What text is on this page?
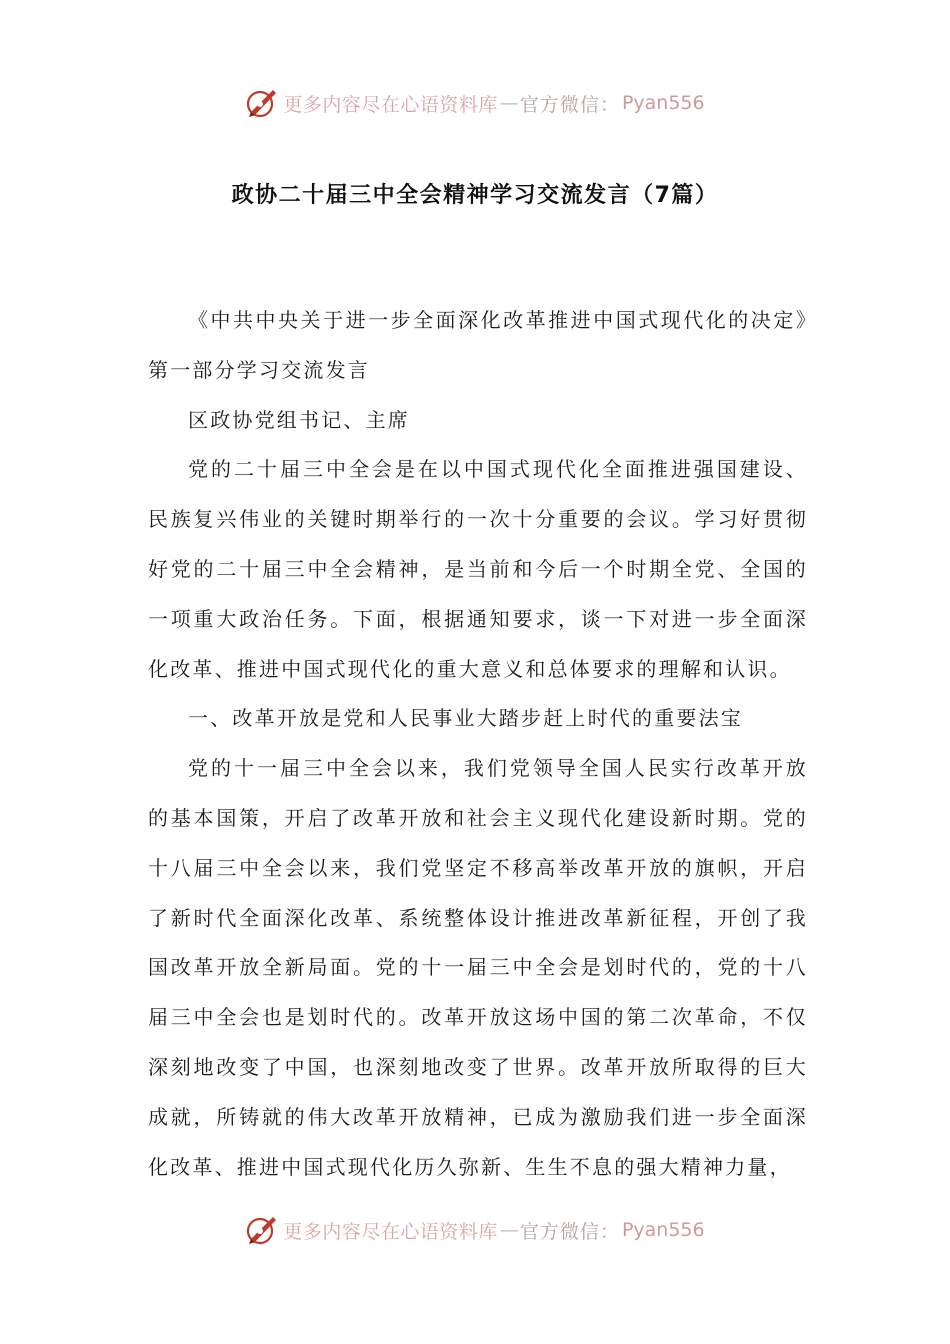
更多内容尽在心语资料库 — 官方微信： Pyan556
政协二十届三中全会精神学习交流发言（7篇）

《中共中央关于进一步全面深化改革推进中国式现代化的决定》第一部分学习交流发言

区政协党组书记、主席

党的二十届三中全会是在以中国式现代化全面推进强国建设、民族复兴伟业的关键时期举行的一次十分重要的会议。学习好贯彻好党的二十届三中全会精神，是当前和今后一个时期全党、全国的一项重大政治任务。下面，根据通知要求，谈一下对进一步全面深化改革、推进中国式现代化的重大意义和总体要求的理解和认识。

一、改革开放是党和人民事业大踏步赶上时代的重要法宝

党的十一届三中全会以来，我们党领导全国人民实行改革开放的基本国策，开启了改革开放和社会主义现代化建设新时期。党的十八届三中全会以来，我们党坚定不移高举改革开放的旗帜，开启了新时代全面深化改革、系统整体设计推进改革新征程，开创了我国改革开放全新局面。党的十一届三中全会是划时代的，党的十八届三中全会也是划时代的。改革开放这场中国的第二次革命，不仅深刻地改变了中国，也深刻地改变了世界。改革开放所取得的巨大成就，所铸就的伟大改革开放精神，已成为激励我们进一步全面深化改革、推进中国式现代化历久弥新、生生不息的强大精神力量，

更多内容尽在心语资料库 — 官方微信： Pyan556
